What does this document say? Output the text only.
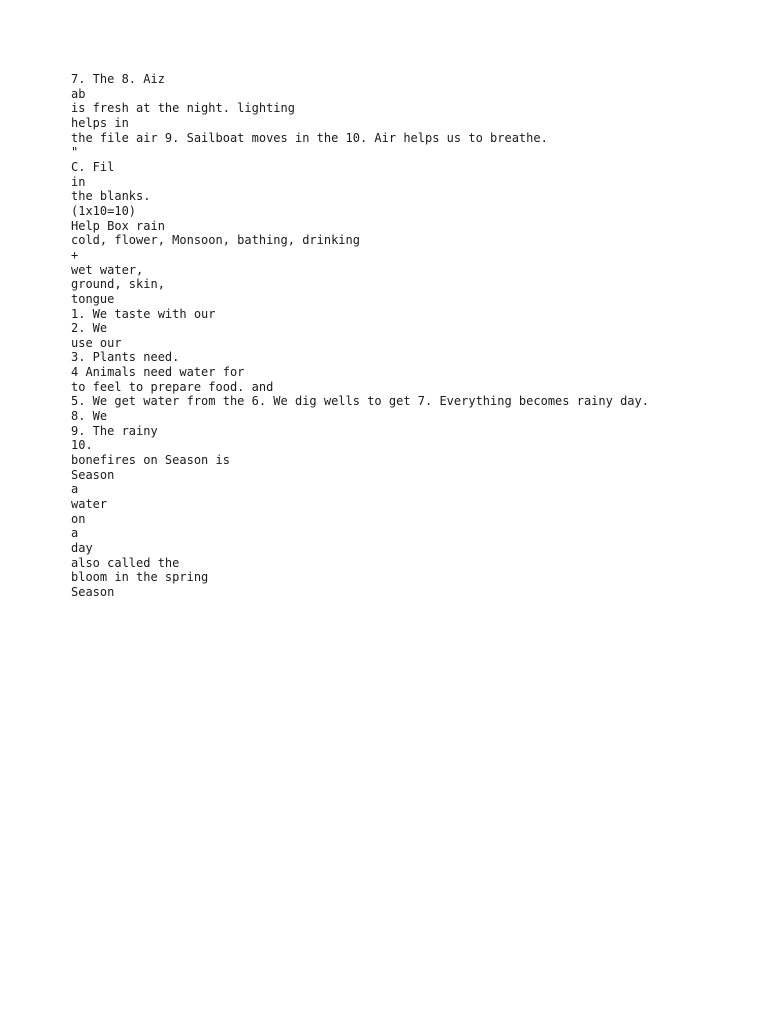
7. The 8. Aiz

ab

is fresh at the night. lighting

helps in

the file air 9. Sailboat moves in the 10. Air helps us to breathe.

"

C. Fil

in

the blanks.

(1x10=10)

Help Box rain

cold, flower, Monsoon, bathing, drinking

+

wet water,

ground, skin,

tongue

1. We taste with our

2. We

use our

3. Plants need.

4 Animals need water for

to feel to prepare food. and

5. We get water from the 6. We dig wells to get 7. Everything becomes rainy day.

8. We

9. The rainy

10.

bonefires on Season is

Season

a

water

on

a

day

also called the

bloom in the spring

Season
